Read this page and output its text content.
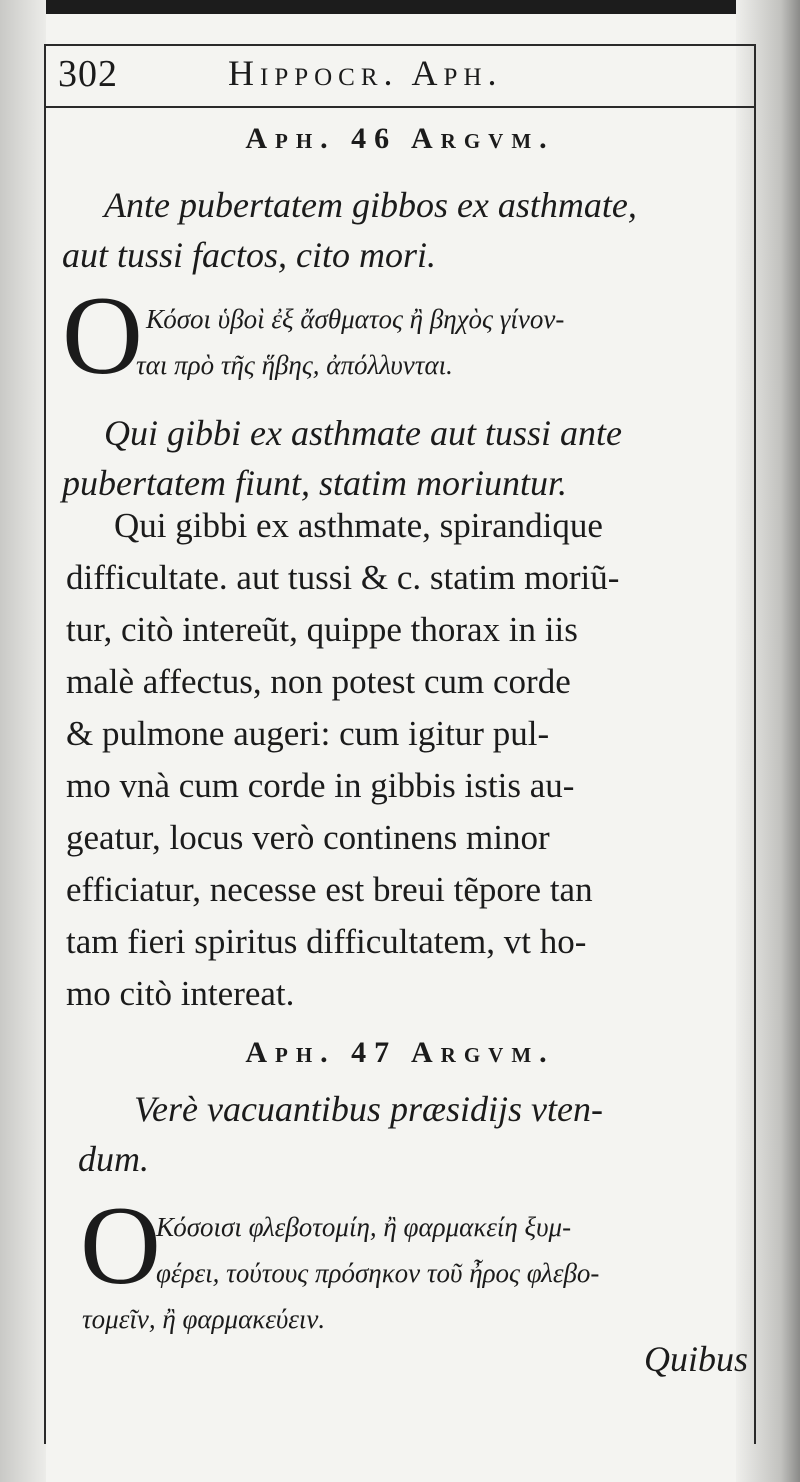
302	Hippocr. Aph.
Aph. 46 Argvm.
Ante pubertatem gibbos ex asthmate,
aut tussi factos, cito mori.
O Κόσοι ὑβοὶ ἐξ ἄσθματος ἢ βηχὸς γίνον-
ται πρὸ τῆς ἥβης, ἀπόλλυνται.
Qui gibbi ex asthmate aut tussi ante
pubertatem fiunt, statim moriuntur.
Qui gibbi ex asthmate, spirandique
difficultate. aut tussi & c. statim moriũ-
tur, citò intereũt, quippe thorax in iis
malè affectus, non potest cum corde
& pulmone augeri: cum igitur pul-
mo vnà cum corde in gibbis istis au-
geatur, locus verò continens minor
efficiatur, necesse est breui tẽpore tan
tam fieri spiritus difficultatem, vt ho-
mo citò intereat.
Aph. 47 Argvm.
Verè vacuantibus præsidijs vten-
dum.
O
Κόσοισι φλεβοτομίη, ἢ φαρμακείη ξυμ-
φέρει, τούτους πρόσηκον τοῦ ἦρος φλεβο-
τομεῖν, ἢ φαρμακεύειν.
Quibus
